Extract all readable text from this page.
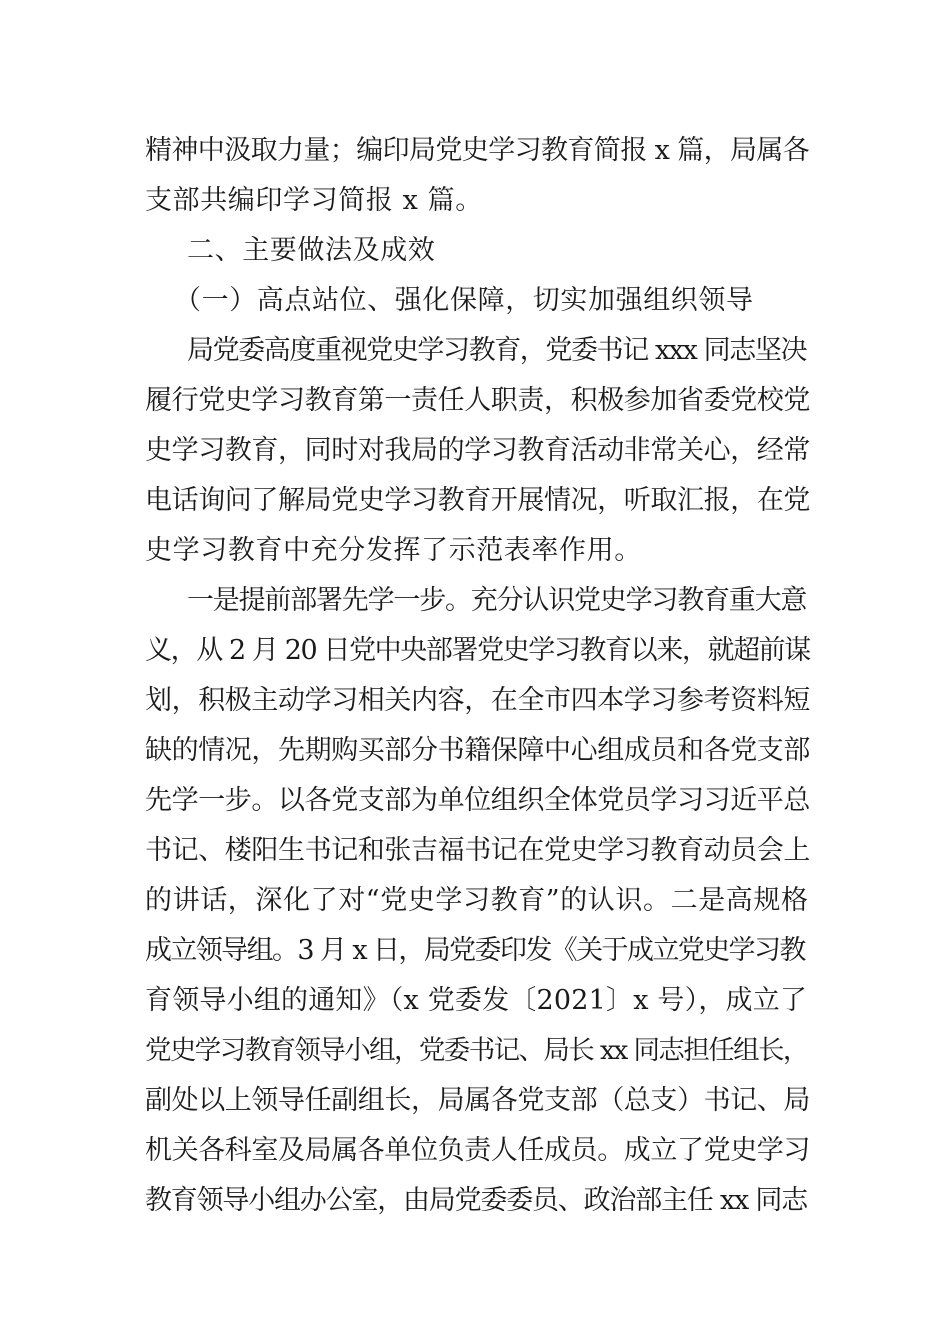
精神中汲取力量；编印局党史学习教育简报 x 篇，局属各
支部共编印学习简报 x 篇。
二、主要做法及成效
（一）高点站位、强化保障，切实加强组织领导
局党委高度重视党史学习教育，党委书记 xxx 同志坚决
履行党史学习教育第一责任人职责，积极参加省委党校党
史学习教育，同时对我局的学习教育活动非常关心，经常
电话询问了解局党史学习教育开展情况，听取汇报，在党
史学习教育中充分发挥了示范表率作用。
一是提前部署先学一步。充分认识党史学习教育重大意
义，从 2 月 20 日党中央部署党史学习教育以来，就超前谋
划，积极主动学习相关内容，在全市四本学习参考资料短
缺的情况，先期购买部分书籍保障中心组成员和各党支部
先学一步。以各党支部为单位组织全体党员学习习近平总
书记、楼阳生书记和张吉福书记在党史学习教育动员会上
的讲话，深化了对“党史学习教育”的认识。二是高规格
成立领导组。3 月 x 日，局党委印发《关于成立党史学习教
育领导小组的通知》（x 党委发〔2021〕x 号），成立了
党史学习教育领导小组，党委书记、局长 xx 同志担任组长，
副处以上领导任副组长，局属各党支部（总支）书记、局
机关各科室及局属各单位负责人任成员。成立了党史学习
教育领导小组办公室，由局党委委员、政治部主任 xx 同志
